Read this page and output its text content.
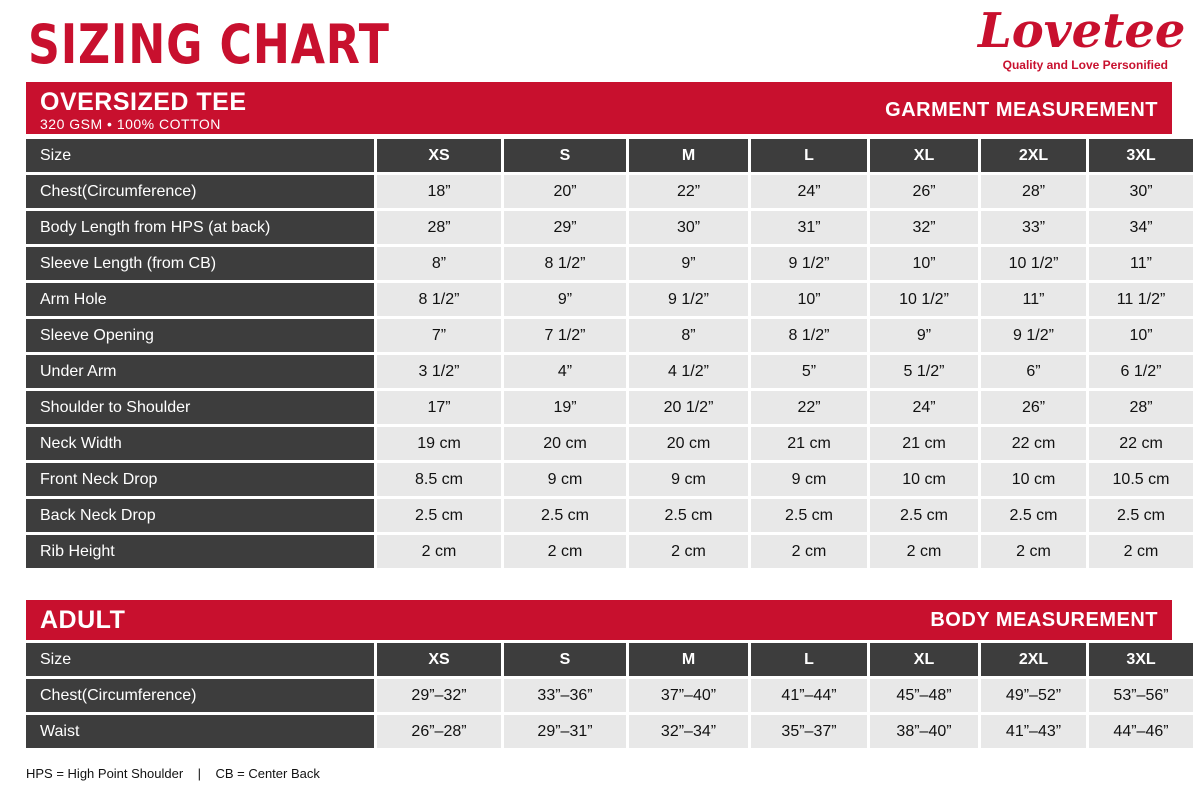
SIZING CHART	Lovetee
Quality and Love Personified
OVERSIZED TEE
320 GSM • 100% COTTON
GARMENT MEASUREMENT
Size	XS	S	M	L	XL	2XL	3XL
Chest(Circumference)	18”	20”	22”	24”	26”	28”	30”
Body Length from HPS (at back)	28”	29”	30”	31”	32”	33”	34”
Sleeve Length (from CB)	8”	8 1/2”	9”	9 1/2”	10”	10 1/2”	11”
Arm Hole	8 1/2”	9”	9 1/2”	10”	10 1/2”	11”	11 1/2”
Sleeve Opening	7”	7 1/2”	8”	8 1/2”	9”	9 1/2”	10”
Under Arm	3 1/2”	4”	4 1/2”	5”	5 1/2”	6”	6 1/2”
Shoulder to Shoulder	17”	19”	20 1/2”	22”	24”	26”	28”
Neck Width	19 cm	20 cm	20 cm	21 cm	21 cm	22 cm	22 cm
Front Neck Drop	8.5 cm	9 cm	9 cm	9 cm	10 cm	10 cm	10.5 cm
Back Neck Drop	2.5 cm	2.5 cm	2.5 cm	2.5 cm	2.5 cm	2.5 cm	2.5 cm
Rib Height	2 cm	2 cm	2 cm	2 cm	2 cm	2 cm	2 cm
ADULT	BODY MEASUREMENT
Size	XS	S	M	L	XL	2XL	3XL
Chest(Circumference)	29”–32”	33”–36”	37”–40”	41”–44”	45”–48”	49”–52”	53”–56”
Waist	26”–28”	29”–31”	32”–34”	35”–37”	38”–40”	41”–43”	44”–46”
HPS = High Point Shoulder    |    CB = Center Back
